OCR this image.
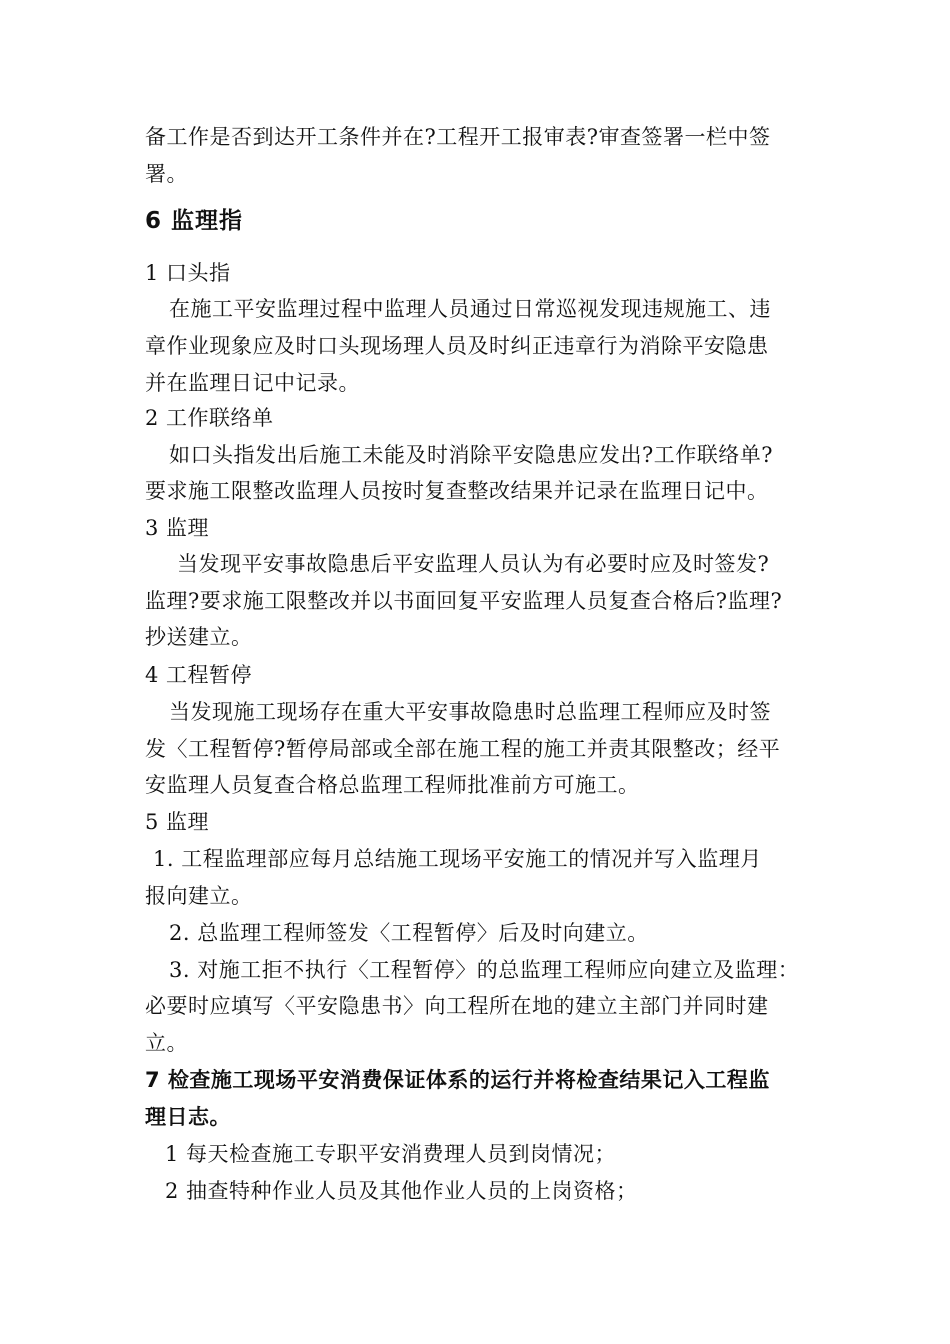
备工作是否到达开工条件并在?工程开工报审表?审查签署一栏中签
署。
6 监理指
1 口头指
在施工平安监理过程中监理人员通过日常巡视发现违规施工、违
章作业现象应及时口头现场理人员及时纠正违章行为消除平安隐患
并在监理日记中记录。
2 工作联络单
如口头指发出后施工未能及时消除平安隐患应发出?工作联络单?
要求施工限整改监理人员按时复查整改结果并记录在监理日记中。
3 监理
当发现平安事故隐患后平安监理人员认为有必要时应及时签发?
监理?要求施工限整改并以书面回复平安监理人员复查合格后?监理?
抄送建立。
4 工程暂停
当发现施工现场存在重大平安事故隐患时总监理工程师应及时签
发〈工程暂停?暂停局部或全部在施工程的施工并责其限整改；经平
安监理人员复查合格总监理工程师批准前方可施工。
5 监理
1. 工程监理部应每月总结施工现场平安施工的情况并写入监理月
报向建立。
2. 总监理工程师签发〈工程暂停〉后及时向建立。
3. 对施工拒不执行〈工程暂停〉的总监理工程师应向建立及监理：
必要时应填写〈平安隐患书〉向工程所在地的建立主部门并同时建
立。
7 检查施工现场平安消费保证体系的运行并将检查结果记入工程监
理日志。
1 每天检查施工专职平安消费理人员到岗情况；
2 抽查特种作业人员及其他作业人员的上岗资格；
